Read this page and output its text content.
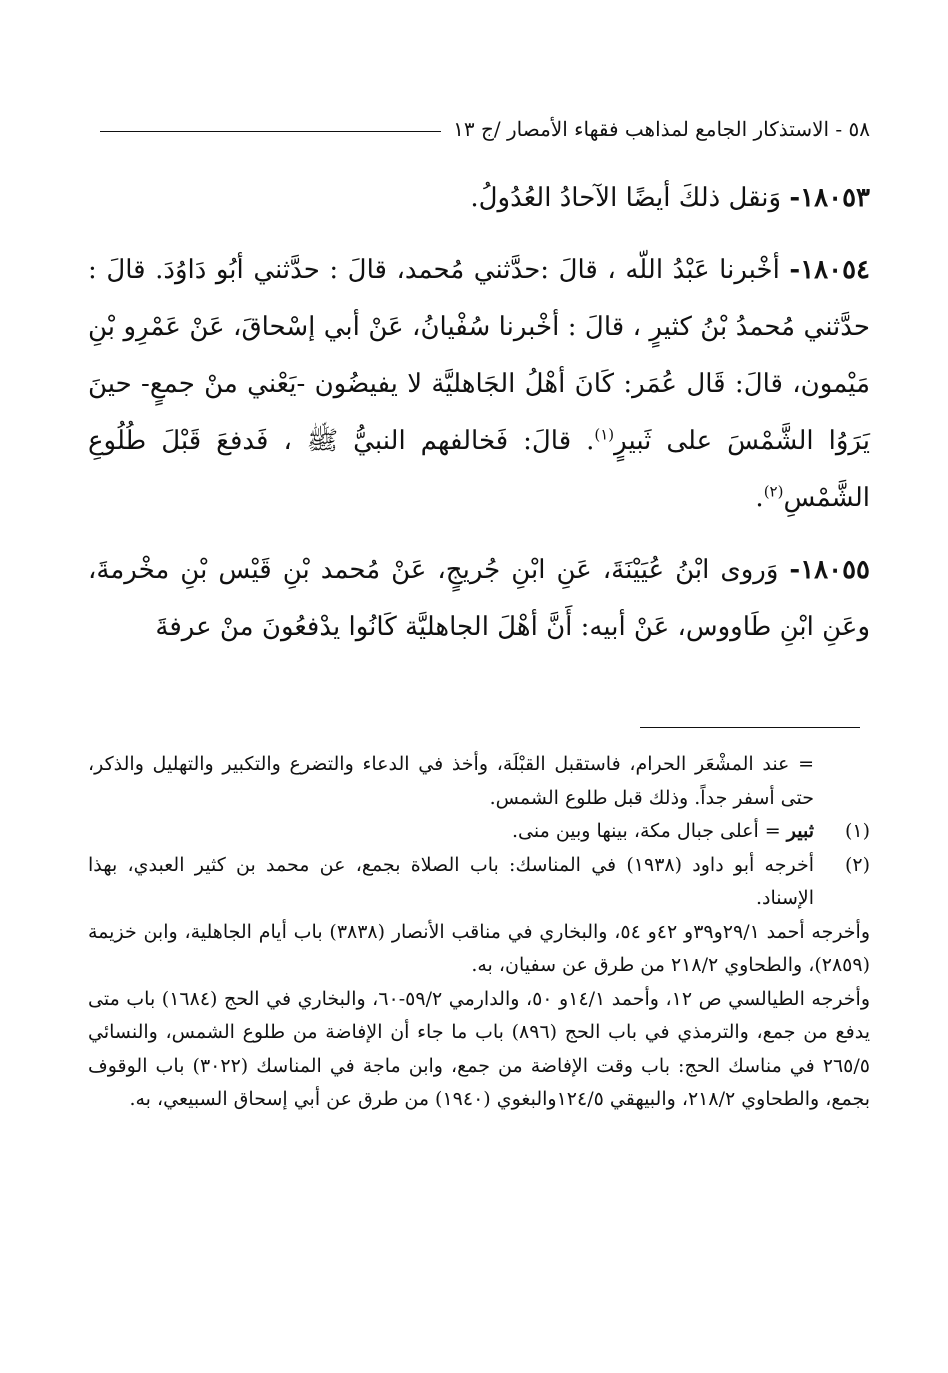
٥٨ - الاستذكار الجامع لمذاهب فقهاء الأمصار /ج ١٣

١٨٠٥٣- وَنقل ذلكَ أيضًا الآحادُ العُدُولُ.

١٨٠٥٤- أخْبرنا عَبْدُ اللّه ، قالَ :حدَّثني مُحمد، قالَ : حدَّثني أبُو دَاوُدَ. قالَ : حدَّثني مُحمدُ بْنُ كثيرٍ ، قالَ : أخْبرنا سُفْيانُ، عَنْ أبي إسْحاقَ، عَنْ عَمْرِو بْنِ مَيْمون، قالَ: قَال عُمَر: كَانَ أهْلُ الجَاهليَّة لا يفيضُون -يَعْني منْ جمعٍ- حينَ يَرَوُا الشَّمْسَ على ثَبيرٍ$^{(١)}$. قالَ: فَخالفهم النبيُّ ﷺ ، فَدفعَ قَبْلَ طُلُوعِ الشَّمْسِ$^{(٢)}$.

١٨٠٥٥- وَروى ابْنُ عُيَيْنَةَ، عَنِ ابْنِ جُريجٍ، عَنْ مُحمد بْنِ قَيْس بْنِ مخْرمةَ، وعَنِ ابْنِ طَاووس، عَنْ أبيه: أَنَّ أهْلَ الجاهليَّة كَانُوا يدْفعُونَ منْ عرفةَ

= عند المشْعَر الحرام، فاستقبل القبْلَة، وأخذ في الدعاء والتضرع والتكبير والتهليل والذكر، حتى أسفر جداً. وذلك قبل طلوع الشمس.

(١)
ثبير = أعلى جبال مكة، بينها وبين منى.
(٢)
أخرجه أبو داود (١٩٣٨) في المناسك: باب الصلاة بجمع، عن محمد بن كثير العبدي، بهذا الإسناد.

وأخرجه أحمد ٢٩/١و٣٩و ٤٢و ٥٤، والبخاري في مناقب الأنصار (٣٨٣٨) باب أيام الجاهلية، وابن خزيمة (٢٨٥٩)، والطحاوي ٢١٨/٢ من طرق عن سفيان، به.

وأخرجه الطيالسي ص ١٢، وأحمد ١٤/١و ٥٠، والدارمي ٥٩/٢-٦٠، والبخاري في الحج (١٦٨٤) باب متى يدفع من جمع، والترمذي في باب الحج (٨٩٦) باب ما جاء أن الإفاضة من طلوع الشمس، والنسائي ٢٦٥/٥ في مناسك الحج: باب وقت الإفاضة من جمع، وابن ماجة في المناسك (٣٠٢٢) باب الوقوف بجمع، والطحاوي ٢١٨/٢، والبيهقي ١٢٤/٥والبغوي (١٩٤٠) من طرق عن أبي إسحاق السبيعي، به.
